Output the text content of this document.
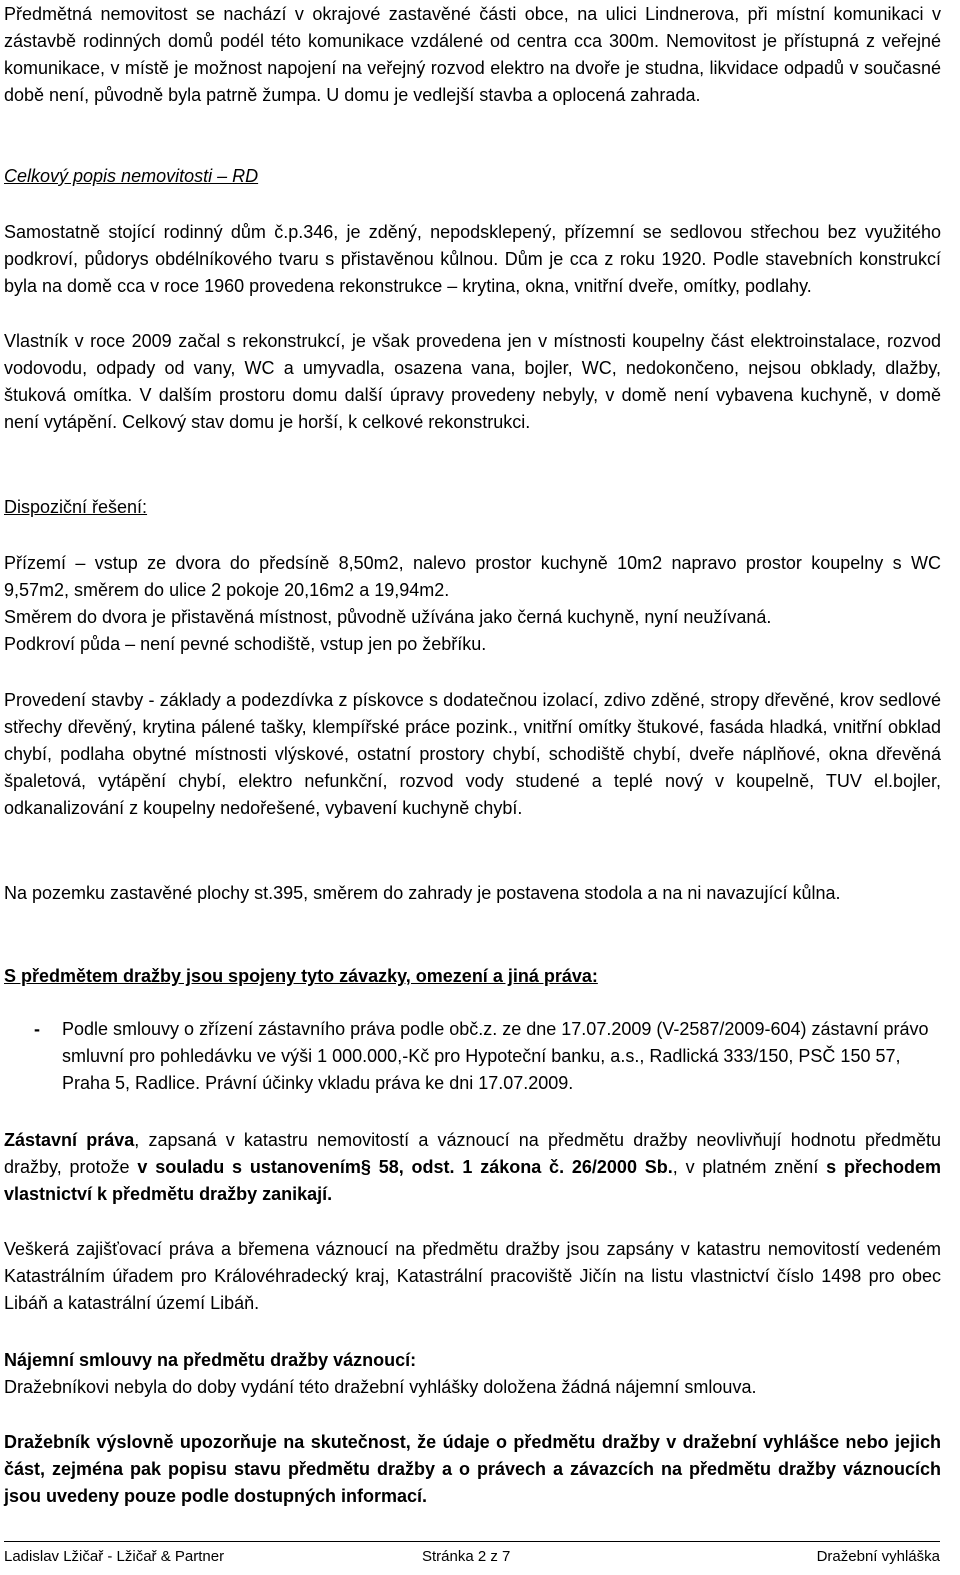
Předmětná nemovitost se nachází v okrajové zastavěné části obce, na ulici Lindnerova, při místní komunikaci v zástavbě rodinných domů podél této komunikace vzdálené od centra cca 300m. Nemovitost je přístupná z veřejné komunikace, v místě je možnost napojení na veřejný rozvod elektro na dvoře je studna, likvidace odpadů v současné době není, původně byla patrně žumpa. U domu je vedlejší stavba a oplocená zahrada.

Celkový popis nemovitosti – RD

Samostatně stojící rodinný dům č.p.346, je zděný, nepodsklepený, přízemní se sedlovou střechou bez využitého podkroví, půdorys obdélníkového tvaru s přistavěnou kůlnou. Dům je cca z roku 1920. Podle stavebních konstrukcí byla na domě cca v roce 1960 provedena rekonstrukce – krytina, okna, vnitřní dveře, omítky, podlahy.

Vlastník v roce 2009 začal s rekonstrukcí, je však provedena jen v místnosti koupelny část elektroinstalace, rozvod vodovodu, odpady od vany, WC a umyvadla, osazena vana, bojler, WC, nedokončeno, nejsou obklady, dlažby, štuková omítka. V dalším prostoru domu další úpravy provedeny nebyly, v domě není vybavena kuchyně, v domě není vytápění. Celkový stav domu je horší, k celkové rekonstrukci.

Dispoziční řešení:

Přízemí – vstup ze dvora do předsíně 8,50m2, nalevo prostor kuchyně 10m2 napravo prostor koupelny s WC 9,57m2, směrem do ulice 2 pokoje 20,16m2 a 19,94m2.

Směrem do dvora je přistavěná místnost, původně užívána jako černá kuchyně, nyní neužívaná.

Podkroví půda – není pevné schodiště, vstup jen po žebříku.

Provedení stavby - základy a podezdívka z pískovce s dodatečnou izolací, zdivo zděné, stropy dřevěné, krov sedlové střechy dřevěný, krytina pálené tašky, klempířské práce pozink., vnitřní omítky štukové, fasáda hladká, vnitřní obklad chybí, podlaha obytné místnosti vlýskové, ostatní prostory chybí, schodiště chybí, dveře náplňové, okna dřevěná špaletová, vytápění chybí, elektro nefunkční, rozvod vody studené a teplé nový v koupelně, TUV el.bojler, odkanalizování z koupelny nedořešené, vybavení kuchyně chybí.

Na pozemku zastavěné plochy st.395, směrem do zahrady je postavena stodola a na ni navazující kůlna.

S předmětem dražby jsou spojeny tyto závazky, omezení a jiná práva:

- Podle smlouvy o zřízení zástavního práva podle obč.z. ze dne 17.07.2009 (V-2587/2009-604) zástavní právo smluvní pro pohledávku ve výši 1 000.000,-Kč pro Hypoteční banku, a.s., Radlická 333/150, PSČ 150 57, Praha 5, Radlice. Právní účinky vkladu práva ke dni 17.07.2009.

Zástavní práva, zapsaná v katastru nemovitostí a váznoucí na předmětu dražby neovlivňují hodnotu předmětu dražby, protože v souladu s ustanovením§ 58, odst. 1 zákona č. 26/2000 Sb., v platném znění s přechodem vlastnictví k předmětu dražby zanikají.

Veškerá zajišťovací práva a břemena váznoucí na předmětu dražby jsou zapsány v katastru nemovitostí vedeném Katastrálním úřadem pro Královéhradecký kraj, Katastrální pracoviště Jičín na listu vlastnictví číslo 1498 pro obec Libáň a katastrální území Libáň.

Nájemní smlouvy na předmětu dražby váznoucí:

Dražebníkovi nebyla do doby vydání této dražební vyhlášky doložena žádná nájemní smlouva.

Dražebník výslovně upozorňuje na skutečnost, že údaje o předmětu dražby v dražební vyhlášce nebo jejich část, zejména pak popisu stavu předmětu dražby a o právech a závazcích na předmětu dražby váznoucích jsou uvedeny pouze podle dostupných informací.

Ladislav Lžičař - Lžičař & Partner	Stránka 2 z 7	Dražební vyhláška
